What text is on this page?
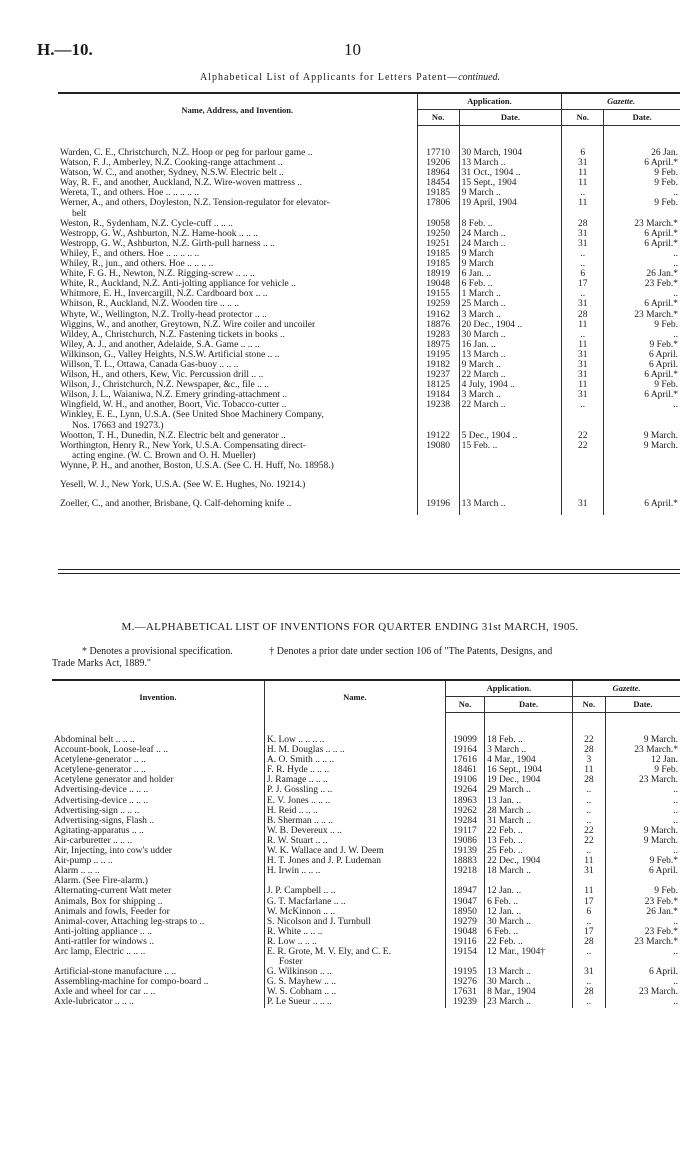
H.—10.	10
Alphabetical List of Applicants for Letters Patent—continued.
Name, Address, and Invention.	Application.		Gazette.	
	No.	Date.	No.	Date.

Warden, C. E., Christchurch, N.Z. Hoop or peg for parlour game ..	17710	30 March, 1904	6	26 Jan.
Watson, F. J., Amberley, N.Z. Cooking-range attachment ..	19206	13 March ..	31	6 April.*
Watson, W. C., and another, Sydney, N.S.W. Electric belt ..	18964	31 Oct., 1904 ..	11	9 Feb.
Way, R. F., and another, Auckland, N.Z. Wire-woven mattress ..	18454	15 Sept., 1904	11	9 Feb.
Wereta, T., and others. Hoe .. .. .. .. ..	19185	9 March ..	..	..
Werner, A., and others, Doyleston, N.Z. Tension-regulator for elevator-	17806	19 April, 1904	11	9 Feb.
belt				
Weston, R., Sydenham, N.Z. Cycle-cuff .. .. ..	19058	8 Feb. ..	28	23 March.*
Westropp, G. W., Ashburton, N.Z. Hame-hook .. .. ..	19250	24 March ..	31	6 April.*
Westropp, G. W., Ashburton, N.Z. Girth-pull harness .. ..	19251	24 March ..	31	6 April.*
Whiley, F., and others. Hoe .. .. .. .. ..	19185	9 March	..	..
Whiley, R., jun., and others. Hoe .. .. .. ..	19185	9 March	..	..
White, F. G. H., Newton, N.Z. Rigging-screw .. .. ..	18919	6 Jan. ..	6	26 Jan.*
White, R., Auckland, N.Z. Anti-jolting appliance for vehicle ..	19048	6 Feb. ..	17	23 Feb.*
Whitmore, E. H., Invercargill, N.Z. Cardboard box .. ..	19155	1 March ..	..	..
Whitson, R., Auckland, N.Z. Wooden tire .. .. ..	19259	25 March ..	31	6 April.*
Whyte, W., Wellington, N.Z. Trolly-head protector .. ..	19162	3 March ..	28	23 March.*
Wiggins, W., and another, Greytown, N.Z. Wire coiler and uncoiler	18876	20 Dec., 1904 ..	11	9 Feb.
Wildey, A., Christchurch, N.Z. Fastening tickets in books ..	19283	30 March ..	..	..
Wiley, A. J., and another, Adelaide, S.A. Game .. .. ..	18975	16 Jan. ..	11	9 Feb.*
Wilkinson, G., Valley Heights, N.S.W. Artificial stone .. ..	19195	13 March ..	31	6 April.
Willson, T. L., Ottawa, Canada Gas-buoy .. .. ..	19182	9 March ..	31	6 April.
Wilson, H., and others, Kew, Vic. Percussion drill .. ..	19237	22 March ..	31	6 April.*
Wilson, J., Christchurch, N.Z. Newspaper, &c., file .. ..	18125	4 July, 1904 ..	11	9 Feb.
Wilson, J. L., Waianiwa, N.Z. Emery grinding-attachment ..	19184	3 March ..	31	6 April.*
Wingfield, W. H., and another, Boort, Vic. Tobacco-cutter ..	19238	22 March ..	..	..
Winkley, E. E., Lynn, U.S.A. (See United Shoe Machinery Company,				
Nos. 17663 and 19273.)				
Wootton, T. H., Dunedin, N.Z. Electric belt and generator ..	19122	5 Dec., 1904 ..	22	9 March.
Worthington, Henry R., New York, U.S.A. Compensating direct-	19080	15 Feb. ..	22	9 March.
acting engine. (W. C. Brown and O. H. Mueller)				
Wynne, P. H., and another, Boston, U.S.A. (See C. H. Huff, No. 18958.)				

Yesell, W. J., New York, U.S.A. (See W. E. Hughes, No. 19214.)				

Zoeller, C., and another, Brisbane, Q. Calf-dehorning knife ..	19196	13 March ..	31	6 April.*

M.—ALPHABETICAL LIST OF INVENTIONS FOR QUARTER ENDING 31st MARCH, 1905.
* Denotes a provisional specification.	† Denotes a prior date under section 106 of "The Patents, Designs, and
Trade Marks Act, 1889."
Invention.	Name.	Application.		Gazette.	
		No.	Date.	No.	Date.

Abdominal belt .. .. ..	K. Low .. .. .. ..	19099	18 Feb. ..	22	9 March.
Account-book, Loose-leaf .. ..	H. M. Douglas .. .. ..	19164	3 March ..	28	23 March.*
Acetylene-generator .. ..	A. O. Smith .. .. ..	17616	4 Mar., 1904	3	12 Jan.
Acetylene-generator .. ..	F. R. Hyde .. .. ..	18461	16 Sept., 1904	11	9 Feb.
Acetylene generator and holder	J. Ramage .. .. ..	19106	19 Dec., 1904	28	23 March.
Advertising-device .. .. ..	P. J. Gossling .. ..	19264	29 March ..	..	..
Advertising-device .. .. ..	E. V. Jones .. .. ..	18963	13 Jan. ..	..	..
Advertising-sign .. .. ..	H. Reid .. .. ..	19262	28 March ..	..	..
Advertising-signs, Flash ..	B. Sherman .. .. ..	19284	31 March ..	..	..
Agitating-apparatus .. ..	W. B. Devereux .. ..	19117	22 Feb. ..	22	9 March.
Air-carburetter .. .. ..	R. W. Stuart .. ..	19086	13 Feb. ..	22	9 March.
Air, Injecting, into cow's udder	W. K. Wallace and J. W. Deem	19139	25 Feb. ..	..	..
Air-pump .. .. ..	H. T. Jones and J. P. Ludeman	18883	22 Dec., 1904	11	9 Feb.*
Alarm .. .. ..	H. Irwin .. .. ..	19218	18 March ..	31	6 April.
Alarm. (See Fire-alarm.)					
Alternating-current Watt meter	J. P. Campbell .. ..	18947	12 Jan. ..	11	9 Feb.
Animals, Box for shipping ..	G. T. Macfarlane .. ..	19047	6 Feb. ..	17	23 Feb.*
Animals and fowls, Feeder for	W. McKinnon .. ..	18950	12 Jan. ..	6	26 Jan.*
Animal-cover, Attaching leg-straps to ..	S. Nicolson and J. Turnbull	19279	30 March ..	..	..
Anti-jolting appliance .. ..	R. White .. .. ..	19048	6 Feb. ..	17	23 Feb.*
Anti-rattler for windows ..	R. Low .. .. ..	19116	22 Feb. ..	28	23 March.*
Arc lamp, Electric .. .. ..	E. R. Grote, M. V. Ely, and C. E.	19154	12 Mar., 1904†	..	..
	Foster				
Artificial-stone manufacture .. ..	G. Wilkinson .. ..	19195	13 March ..	31	6 April.
Assembling-machine for compo-board ..	G. S. Mayhew .. ..	19276	30 March ..	..	..
Axle and wheel for car .. ..	W. S. Cobham .. ..	17631	8 Mar., 1904	28	23 March.
Axle-lubricator .. .. ..	P. Le Sueur .. .. ..	19239	23 March ..	..	..
